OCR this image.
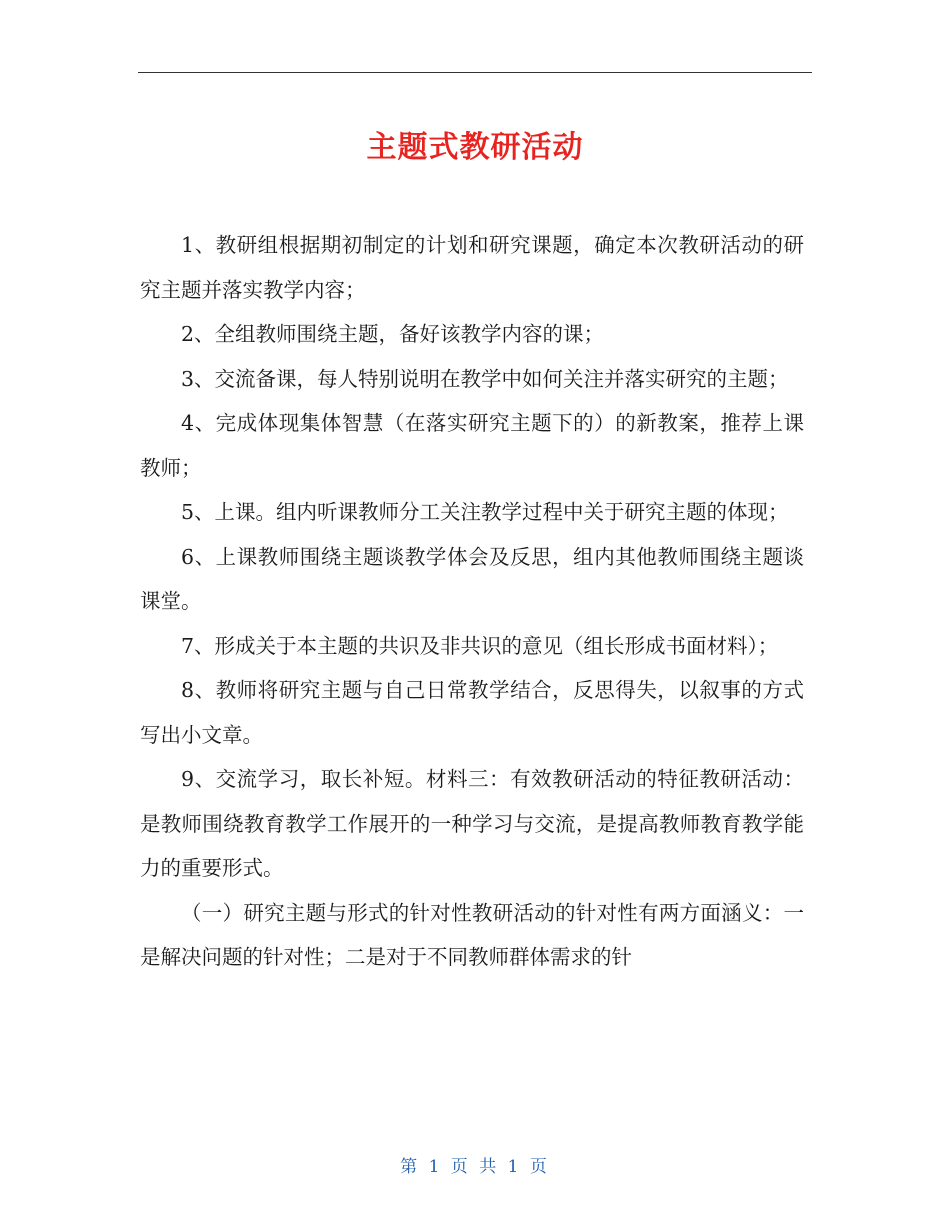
主题式教研活动

1、教研组根据期初制定的计划和研究课题，确定本次教研活动的研究主题并落实教学内容；

2、全组教师围绕主题，备好该教学内容的课；

3、交流备课，每人特别说明在教学中如何关注并落实研究的主题；

4、完成体现集体智慧（在落实研究主题下的）的新教案，推荐上课教师；

5、上课。组内听课教师分工关注教学过程中关于研究主题的体现；

6、上课教师围绕主题谈教学体会及反思，组内其他教师围绕主题谈课堂。

7、形成关于本主题的共识及非共识的意见（组长形成书面材料）；

8、教师将研究主题与自己日常教学结合，反思得失，以叙事的方式写出小文章。

9、交流学习，取长补短。材料三：有效教研活动的特征教研活动：是教师围绕教育教学工作展开的一种学习与交流，是提高教师教育教学能力的重要形式。

（一）研究主题与形式的针对性教研活动的针对性有两方面涵义：一是解决问题的针对性；二是对于不同教师群体需求的针

第 1 页 共 1 页
